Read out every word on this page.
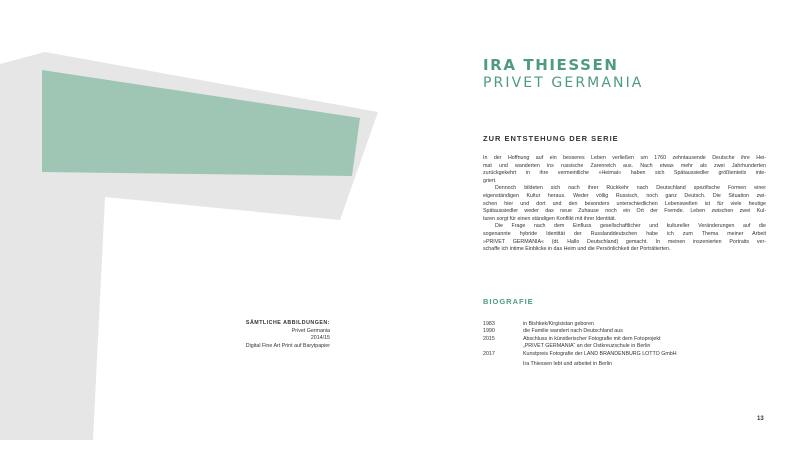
IRA THIESSEN
PRIVET GERMANIA
ZUR ENTSTEHUNG DER SERIE
In der Hoffnung auf ein besseres Leben verließen um 1760 zehntausende Deutsche ihre Hei-
mat und wanderten ins russische Zarenreich aus. Nach etwas mehr als zwei Jahrhunderten
zurückgekehrt in ihre vermeintliche »Heimat« haben sich Spätaussiedler größtenteils inte-
griert.
Dennoch bildeten sich nach ihrer Rückkehr nach Deutschland spezifische Formen einer
eigenständigen Kultur heraus. Weder völlig Russisch, noch ganz Deutsch. Die Situation zwi-
schen hier und dort und den besonders unterschiedlichen Lebenswelten ist für viele heutige
Spätaussiedler weder das neue Zuhause noch ein Ort der Fremde. Leben zwischen zwei Kul-
turen sorgt für einen ständigen Konflikt mit ihrer Identität.
Die Frage nach dem Einfluss gesellschaftlicher und kultureller Veränderungen auf die
sogenannte hybride Identität der Russlanddeutschen habe ich zum Thema meiner Arbeit
»PRIVET GERMANIA« (dt. Hallo Deutschland) gemacht. In meinen inszenierten Portraits ver-
schaffe ich intime Einblicke in das Heim und die Persönlichkeit der Porträtierten.
BIOGRAFIE
1983	in Bishkek/Kirgisistan geboren
1990	die Familie wandert nach Deutschland aus
2015	Abschluss in künstlerischer Fotografie mit dem Fotoprojekt
„PRIVET GERMANIA“ an der Ostkreuzschule in Berlin
2017	Kunstpreis Fotografie der LAND BRANDENBURG LOTTO GmbH
Ira Thiessen lebt und arbeitet in Berlin
SÄMTLICHE ABBILDUNGEN:
Privet Germania
2014/15
Digital Fine Art Print auf Barytpapier
13
